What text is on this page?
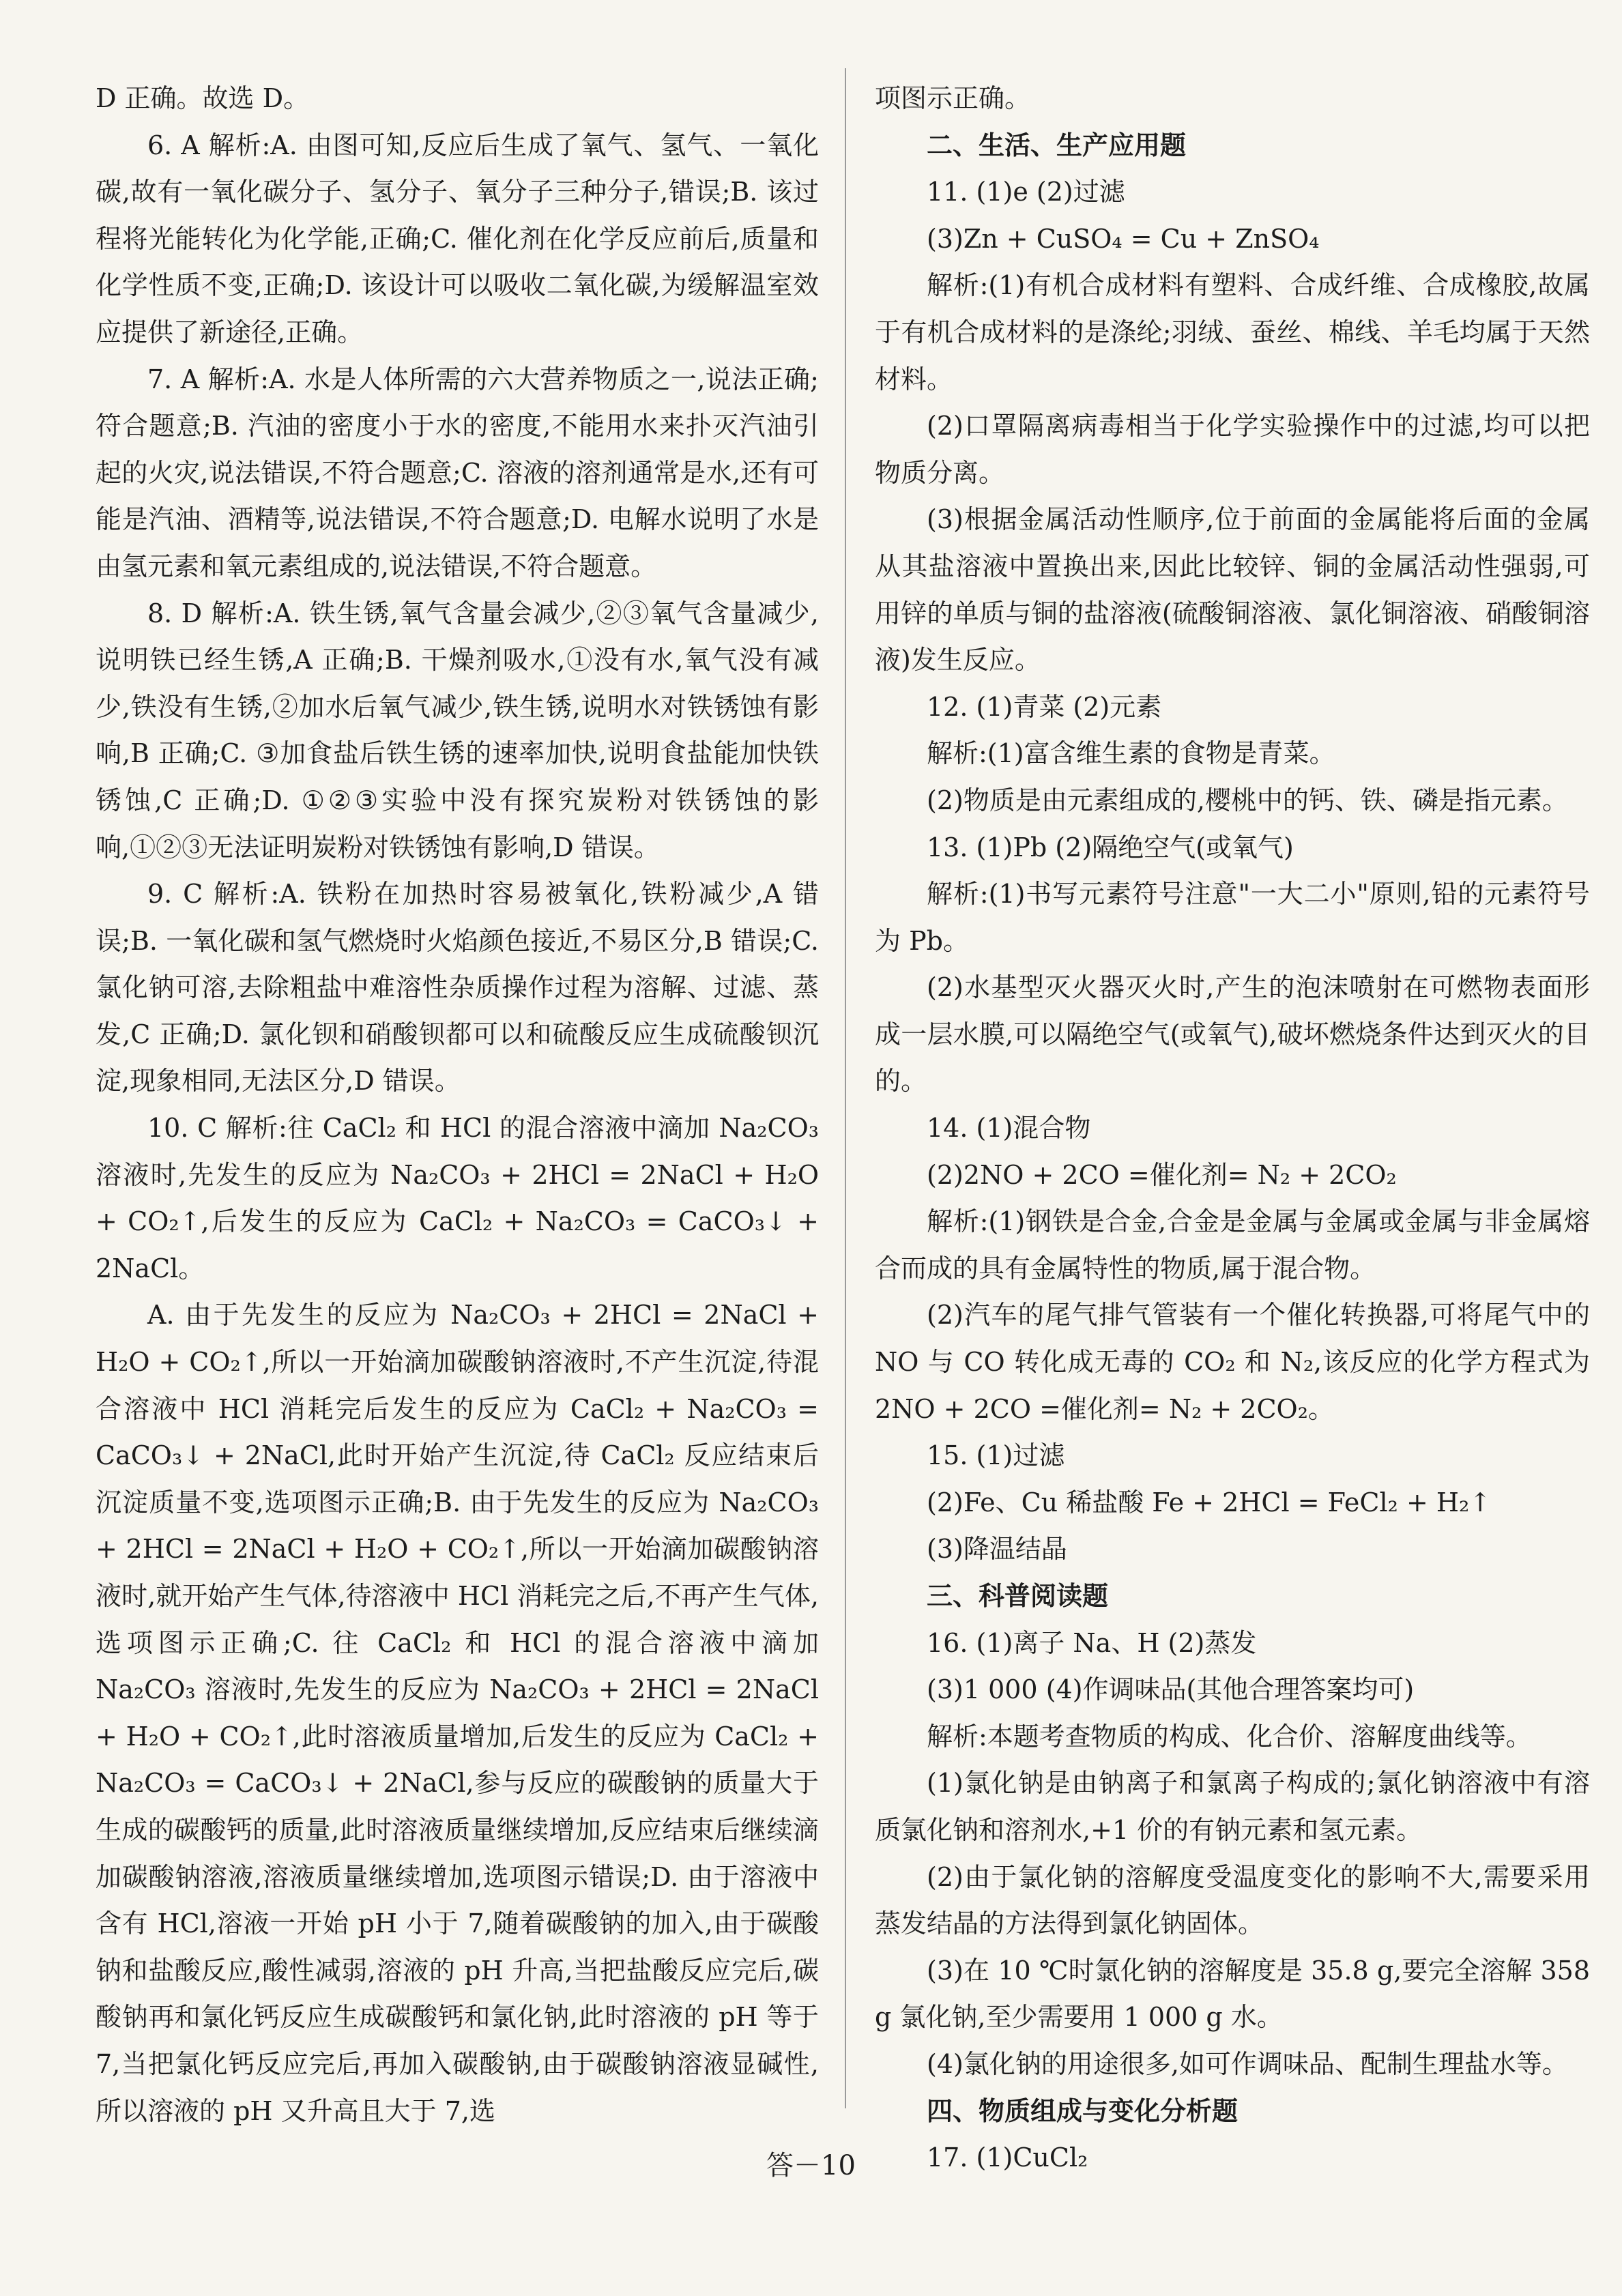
D 正确。故选 D。

6. A 解析:A. 由图可知,反应后生成了氧气、氢气、一氧化碳,故有一氧化碳分子、氢分子、氧分子三种分子,错误;B. 该过程将光能转化为化学能,正确;C. 催化剂在化学反应前后,质量和化学性质不变,正确;D. 该设计可以吸收二氧化碳,为缓解温室效应提供了新途径,正确。

7. A 解析:A. 水是人体所需的六大营养物质之一,说法正确;符合题意;B. 汽油的密度小于水的密度,不能用水来扑灭汽油引起的火灾,说法错误,不符合题意;C. 溶液的溶剂通常是水,还有可能是汽油、酒精等,说法错误,不符合题意;D. 电解水说明了水是由氢元素和氧元素组成的,说法错误,不符合题意。

8. D 解析:A. 铁生锈,氧气含量会减少,②③氧气含量减少,说明铁已经生锈,A 正确;B. 干燥剂吸水,①没有水,氧气没有减少,铁没有生锈,②加水后氧气减少,铁生锈,说明水对铁锈蚀有影响,B 正确;C. ③加食盐后铁生锈的速率加快,说明食盐能加快铁锈蚀,C 正确;D. ①②③实验中没有探究炭粉对铁锈蚀的影响,①②③无法证明炭粉对铁锈蚀有影响,D 错误。

9. C 解析:A. 铁粉在加热时容易被氧化,铁粉减少,A 错误;B. 一氧化碳和氢气燃烧时火焰颜色接近,不易区分,B 错误;C. 氯化钠可溶,去除粗盐中难溶性杂质操作过程为溶解、过滤、蒸发,C 正确;D. 氯化钡和硝酸钡都可以和硫酸反应生成硫酸钡沉淀,现象相同,无法区分,D 错误。

10. C 解析:往 CaCl₂ 和 HCl 的混合溶液中滴加 Na₂CO₃ 溶液时,先发生的反应为 Na₂CO₃ + 2HCl = 2NaCl + H₂O + CO₂↑,后发生的反应为 CaCl₂ + Na₂CO₃ = CaCO₃↓ + 2NaCl。

A. 由于先发生的反应为 Na₂CO₃ + 2HCl = 2NaCl + H₂O + CO₂↑,所以一开始滴加碳酸钠溶液时,不产生沉淀,待混合溶液中 HCl 消耗完后发生的反应为 CaCl₂ + Na₂CO₃ = CaCO₃↓ + 2NaCl,此时开始产生沉淀,待 CaCl₂ 反应结束后沉淀质量不变,选项图示正确;B. 由于先发生的反应为 Na₂CO₃ + 2HCl = 2NaCl + H₂O + CO₂↑,所以一开始滴加碳酸钠溶液时,就开始产生气体,待溶液中 HCl 消耗完之后,不再产生气体,选项图示正确;C. 往 CaCl₂ 和 HCl 的混合溶液中滴加 Na₂CO₃ 溶液时,先发生的反应为 Na₂CO₃ + 2HCl = 2NaCl + H₂O + CO₂↑,此时溶液质量增加,后发生的反应为 CaCl₂ + Na₂CO₃ = CaCO₃↓ + 2NaCl,参与反应的碳酸钠的质量大于生成的碳酸钙的质量,此时溶液质量继续增加,反应结束后继续滴加碳酸钠溶液,溶液质量继续增加,选项图示错误;D. 由于溶液中含有 HCl,溶液一开始 pH 小于 7,随着碳酸钠的加入,由于碳酸钠和盐酸反应,酸性减弱,溶液的 pH 升高,当把盐酸反应完后,碳酸钠再和氯化钙反应生成碳酸钙和氯化钠,此时溶液的 pH 等于 7,当把氯化钙反应完后,再加入碳酸钠,由于碳酸钠溶液显碱性,所以溶液的 pH 又升高且大于 7,选

项图示正确。

二、生活、生产应用题

11. (1)e (2)过滤

(3)Zn + CuSO₄ = Cu + ZnSO₄

解析:(1)有机合成材料有塑料、合成纤维、合成橡胶,故属于有机合成材料的是涤纶;羽绒、蚕丝、棉线、羊毛均属于天然材料。

(2)口罩隔离病毒相当于化学实验操作中的过滤,均可以把物质分离。

(3)根据金属活动性顺序,位于前面的金属能将后面的金属从其盐溶液中置换出来,因此比较锌、铜的金属活动性强弱,可用锌的单质与铜的盐溶液(硫酸铜溶液、氯化铜溶液、硝酸铜溶液)发生反应。

12. (1)青菜 (2)元素

解析:(1)富含维生素的食物是青菜。

(2)物质是由元素组成的,樱桃中的钙、铁、磷是指元素。

13. (1)Pb (2)隔绝空气(或氧气)

解析:(1)书写元素符号注意"一大二小"原则,铅的元素符号为 Pb。

(2)水基型灭火器灭火时,产生的泡沫喷射在可燃物表面形成一层水膜,可以隔绝空气(或氧气),破坏燃烧条件达到灭火的目的。

14. (1)混合物

(2)2NO + 2CO =催化剂= N₂ + 2CO₂

解析:(1)钢铁是合金,合金是金属与金属或金属与非金属熔合而成的具有金属特性的物质,属于混合物。

(2)汽车的尾气排气管装有一个催化转换器,可将尾气中的 NO 与 CO 转化成无毒的 CO₂ 和 N₂,该反应的化学方程式为 2NO + 2CO =催化剂= N₂ + 2CO₂。

15. (1)过滤

(2)Fe、Cu 稀盐酸 Fe + 2HCl = FeCl₂ + H₂↑

(3)降温结晶

三、科普阅读题

16. (1)离子 Na、H (2)蒸发

(3)1 000 (4)作调味品(其他合理答案均可)

解析:本题考查物质的构成、化合价、溶解度曲线等。

(1)氯化钠是由钠离子和氯离子构成的;氯化钠溶液中有溶质氯化钠和溶剂水,+1 价的有钠元素和氢元素。

(2)由于氯化钠的溶解度受温度变化的影响不大,需要采用蒸发结晶的方法得到氯化钠固体。

(3)在 10 ℃时氯化钠的溶解度是 35.8 g,要完全溶解 358 g 氯化钠,至少需要用 1 000 g 水。

(4)氯化钠的用途很多,如可作调味品、配制生理盐水等。

四、物质组成与变化分析题

17. (1)CuCl₂

答－10
